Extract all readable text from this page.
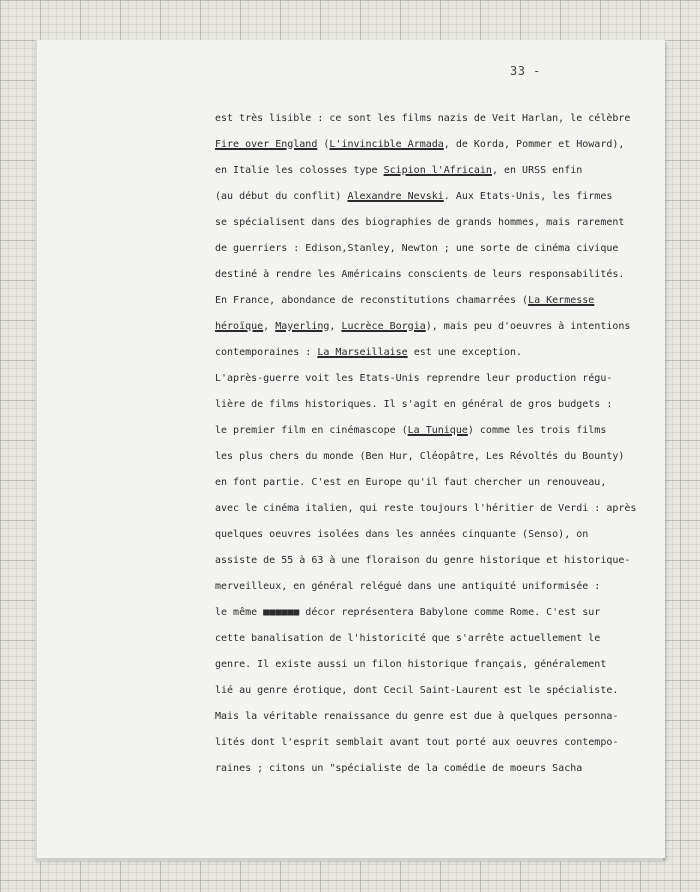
33 -
est très lisible : ce sont les films nazis de Veit Harlan, le célèbre
Fire over England (L'invincible Armada, de Korda, Pommer et Howard),
en Italie les colosses type Scipion l'Africain, en URSS enfin
(au début du conflit) Alexandre Nevski. Aux Etats-Unis, les firmes
se spécialisent dans des biographies de grands hommes, mais rarement
de guerriers : Edison,Stanley, Newton ; une sorte de cinéma civique
destiné à rendre les Américains conscients de leurs responsabilités.
En France, abondance de reconstitutions chamarrées (La Kermesse
héroïque, Mayerling, Lucrèce Borgia), mais peu d'oeuvres à intentions
contemporaines : La Marseillaise est une exception.
L'après-guerre voit les Etats-Unis reprendre leur production régu-
lière de films historiques. Il s'agit en général de gros budgets :
le premier film en cinémascope (La Tunique) comme les trois films
les plus chers du monde (Ben Hur, Cléopâtre, Les Révoltés du Bounty)
en font partie. C'est en Europe qu'il faut chercher un renouveau,
avec le cinéma italien, qui reste toujours l'héritier de Verdi : après
quelques oeuvres isolées dans les années cinquante (Senso), on
assiste de 55 à 63 à une floraison du genre historique et historique-
merveilleux, en général relégué dans une antiquité uniformisée :
le même ■■■■■■ décor représentera Babylone comme Rome. C'est sur
cette banalisation de l'historicité que s'arrête actuellement le
genre. Il existe aussi un filon historique français, généralement
lié au genre érotique, dont Cecil Saint-Laurent est le spécialiste.
Mais la véritable renaissance du genre est due à quelques personna-
lités dont l'esprit semblait avant tout porté aux oeuvres contempo-
raines ; citons un "spécialiste de la comédie de moeurs Sacha
